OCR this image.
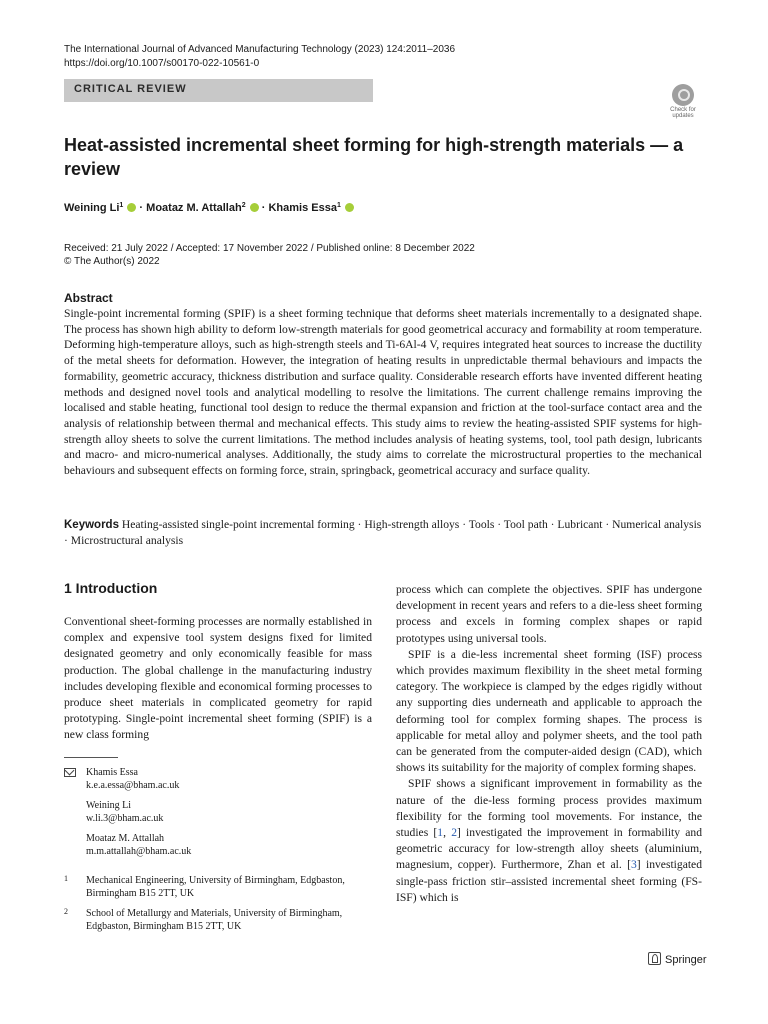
The International Journal of Advanced Manufacturing Technology (2023) 124:2011–2036
https://doi.org/10.1007/s00170-022-10561-0
CRITICAL REVIEW
Check for updates
Heat-assisted incremental sheet forming for high-strength materials — a review
Weining Li$^1$  · Moataz M. Attallah$^2$  · Khamis Essa$^1$
Received: 21 July 2022 / Accepted: 17 November 2022 / Published online: 8 December 2022
© The Author(s) 2022
Abstract
Single-point incremental forming (SPIF) is a sheet forming technique that deforms sheet materials incrementally to a designated shape. The process has shown high ability to deform low-strength materials for good geometrical accuracy and formability at room temperature. Deforming high-temperature alloys, such as high-strength steels and Ti-6Al-4 V, requires integrated heat sources to increase the ductility of the metal sheets for deformation. However, the integration of heating results in unpredictable thermal behaviours and impacts the formability, geometric accuracy, thickness distribution and surface quality. Considerable research efforts have invented different heating methods and designed novel tools and analytical modelling to resolve the limitations. The current challenge remains improving the localised and stable heating, functional tool design to reduce the thermal expansion and friction at the tool-surface contact area and the analysis of relationship between thermal and mechanical effects. This study aims to review the heating-assisted SPIF systems for high-strength alloy sheets to solve the current limitations. The method includes analysis of heating systems, tool, tool path design, lubricants and macro- and micro-numerical analyses. Additionally, the study aims to correlate the microstructural properties to the mechanical behaviours and subsequent effects on forming force, strain, springback, geometrical accuracy and surface quality.
Keywords Heating-assisted single-point incremental forming · High-strength alloys · Tools · Tool path · Lubricant · Numerical analysis · Microstructural analysis
1 Introduction

Conventional sheet-forming processes are normally established in complex and expensive tool system designs fixed for limited designated geometry and only economically feasible for mass production. The global challenge in the manufacturing industry includes developing flexible and economical forming processes to produce sheet materials in complicated geometry for rapid prototyping. Single-point incremental sheet forming (SPIF) is a new class forming

Khamis Essa
k.e.a.essa@bham.ac.uk
Weining Li
w.li.3@bham.ac.uk
Moataz M. Attallah
m.m.attallah@bham.ac.uk
1 Mechanical Engineering, University of Birmingham, Edgbaston, Birmingham B15 2TT, UK
2 School of Metallurgy and Materials, University of Birmingham, Edgbaston, Birmingham B15 2TT, UK

process which can complete the objectives. SPIF has undergone development in recent years and refers to a die-less sheet forming process and excels in forming complex shapes or rapid prototypes using universal tools.

SPIF is a die-less incremental sheet forming (ISF) process which provides maximum flexibility in the sheet metal forming category. The workpiece is clamped by the edges rigidly without any supporting dies underneath and applicable to approach the deforming tool for complex forming shapes. The process is applicable for metal alloy and polymer sheets, and the tool path can be generated from the computer-aided design (CAD), which shows its suitability for the majority of complex forming shapes.

SPIF shows a significant improvement in formability as the nature of the die-less forming process provides maximum flexibility for the forming tool movements. For instance, the studies [1, 2] investigated the improvement in formability and geometric accuracy for low-strength alloy sheets (aluminium, magnesium, copper). Furthermore, Zhan et al. [3] investigated single-pass friction stir–assisted incremental sheet forming (FS-ISF) which is

Springer
